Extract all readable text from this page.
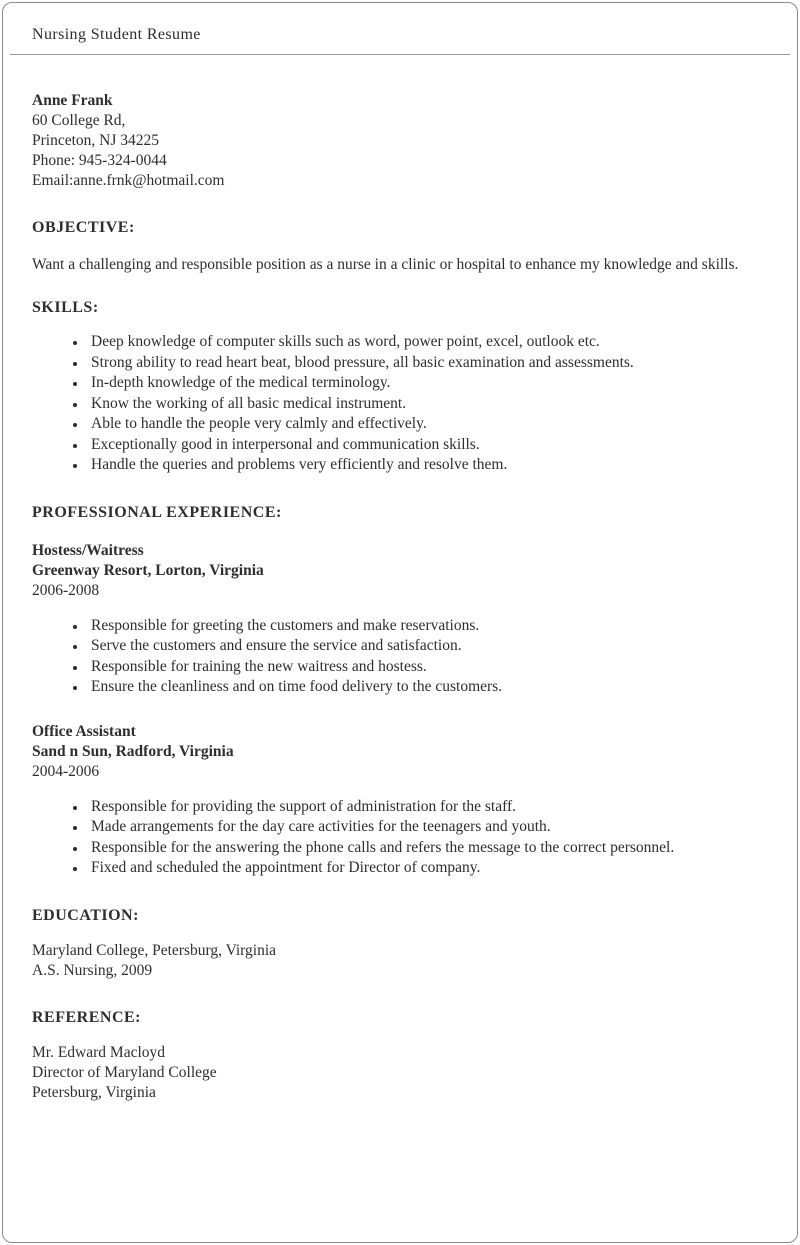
Nursing Student Resume
Anne Frank
60 College Rd,
Princeton, NJ 34225
Phone: 945-324-0044
Email:anne.frnk@hotmail.com
OBJECTIVE:

Want a challenging and responsible position as a nurse in a clinic or hospital to enhance my knowledge and skills.

SKILLS:
• Deep knowledge of computer skills such as word, power point, excel, outlook etc.
• Strong ability to read heart beat, blood pressure, all basic examination and assessments.
• In-depth knowledge of the medical terminology.
• Know the working of all basic medical instrument.
• Able to handle the people very calmly and effectively.
• Exceptionally good in interpersonal and communication skills.
• Handle the queries and problems very efficiently and resolve them.
PROFESSIONAL EXPERIENCE:
Hostess/Waitress
Greenway Resort, Lorton, Virginia
2006-2008
• Responsible for greeting the customers and make reservations.
• Serve the customers and ensure the service and satisfaction.
• Responsible for training the new waitress and hostess.
• Ensure the cleanliness and on time food delivery to the customers.
Office Assistant
Sand n Sun, Radford, Virginia
2004-2006
• Responsible for providing the support of administration for the staff.
• Made arrangements for the day care activities for the teenagers and youth.
• Responsible for the answering the phone calls and refers the message to the correct personnel.
• Fixed and scheduled the appointment for Director of company.
EDUCATION:
Maryland College, Petersburg, Virginia
A.S. Nursing, 2009
REFERENCE:
Mr. Edward Macloyd
Director of Maryland College
Petersburg, Virginia
